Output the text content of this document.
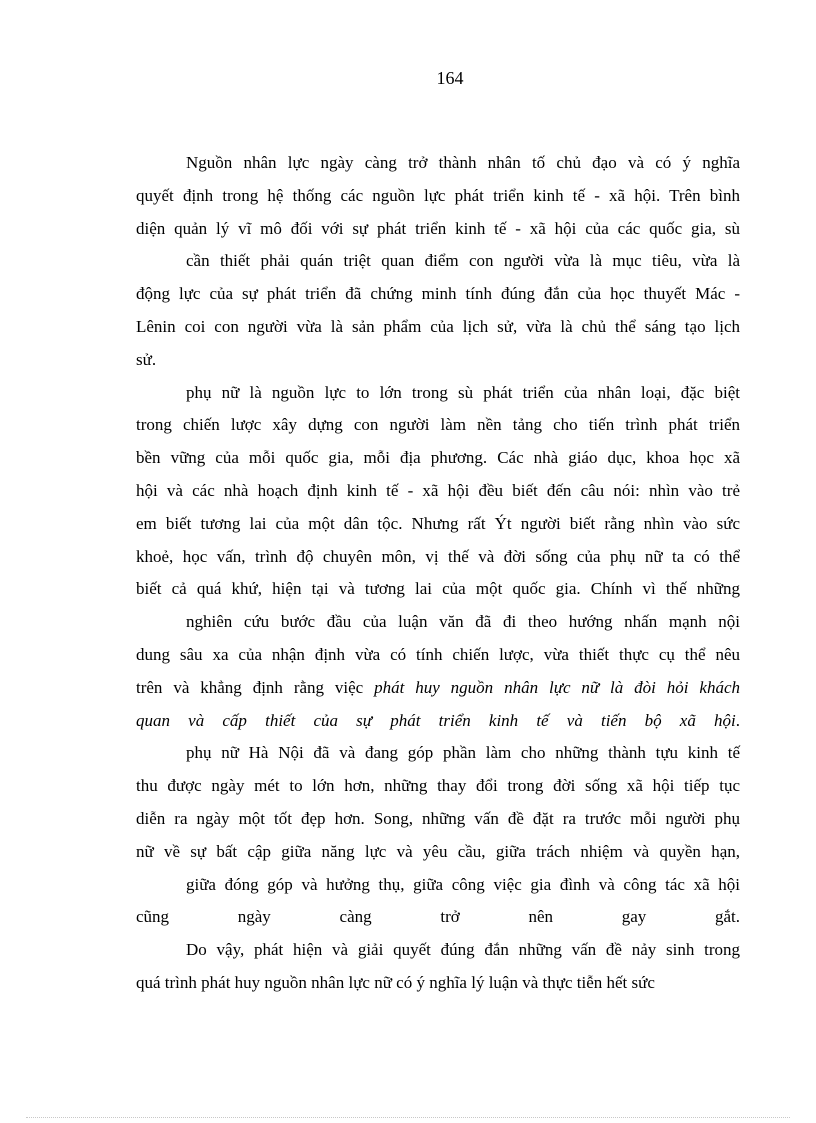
164
Nguồn nhân lực ngày càng trở thành nhân tố chủ đạo và có ý nghĩa
quyết định trong hệ thống các nguồn lực phát triển kinh tế - xã hội. Trên bình
diện quản lý vĩ mô đối với sự phát triển kinh tế - xã hội của các quốc gia, sù
cần thiết phải quán triệt quan điểm con người vừa là mục tiêu, vừa là
động lực của sự phát triển đã chứng minh tính đúng đắn của học thuyết Mác -
Lênin coi con người vừa là sản phẩm của lịch sử, vừa là chủ thể sáng tạo lịch
sử.
phụ nữ là nguồn lực to lớn trong sù phát triển của nhân loại, đặc biệt
trong chiến lược xây dựng con người làm nền tảng cho tiến trình phát triển
bền vững của mỗi quốc gia, mỗi địa phương. Các nhà giáo dục, khoa học xã
hội và các nhà hoạch định kinh tế - xã hội đều biết đến câu nói: nhìn vào trẻ
em biết tương lai của một dân tộc. Nhưng rất Ýt người biết rằng nhìn vào sức
khoẻ, học vấn, trình độ chuyên môn, vị thế và đời sống của phụ nữ ta có thể
biết cả quá khứ, hiện tại và tương lai của một quốc gia. Chính vì thế những
nghiên cứu bước đầu của luận văn đã đi theo hướng nhấn mạnh nội
dung sâu xa của nhận định vừa có tính chiến lược, vừa thiết thực cụ thể nêu
trên và khẳng định rằng việc phát huy nguồn nhân lực nữ là đòi hỏi khách
quan và cấp thiết của sự phát triển kinh tế và tiến bộ xã hội.
phụ nữ Hà Nội đã và đang góp phần làm cho những thành tựu kinh tế
thu được ngày mét to lớn hơn, những thay đổi trong đời sống xã hội tiếp tục
diễn ra ngày một tốt đẹp hơn. Song, những vấn đề đặt ra trước mỗi người phụ
nữ về sự bất cập giữa năng lực và yêu cầu, giữa trách nhiệm và quyền hạn,
giữa đóng góp và hưởng thụ, giữa công việc gia đình và công tác xã hội
cũng ngày càng trở nên gay gắt.
Do vậy, phát hiện và giải quyết đúng đắn những vấn đề nảy sinh trong
quá trình phát huy nguồn nhân lực nữ có ý nghĩa lý luận và thực tiễn hết sức
